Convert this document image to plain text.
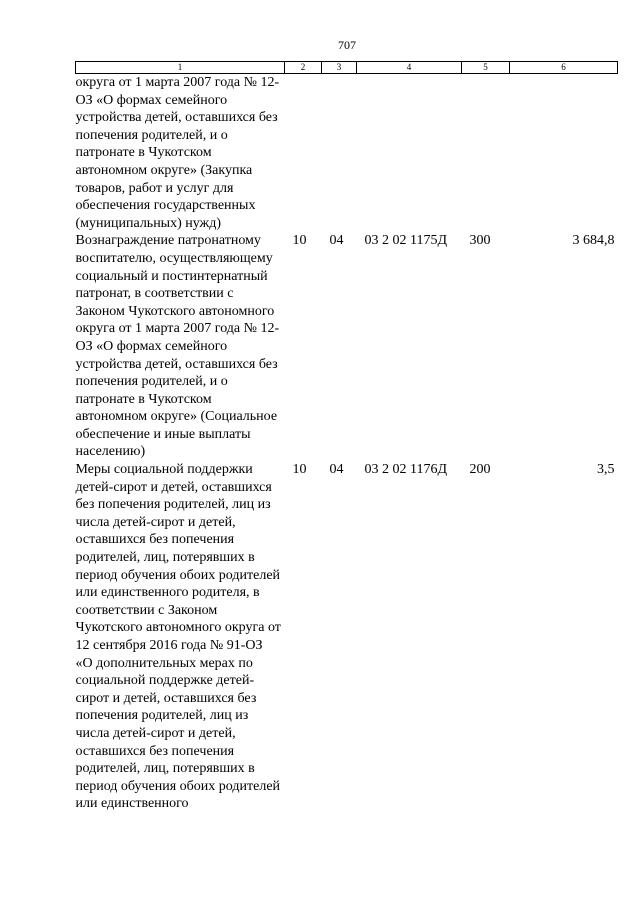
707
1	2	3	4	5	6
округа от 1 марта 2007 года № 12-ОЗ «О формах семейного устройства детей, оставшихся без попечения родителей, и о патронате в Чукотском автономном округе» (Закупка товаров, работ и услуг для обеспечения государственных (муниципальных) нужд)					
Вознаграждение патронатному воспитателю, осуществляющему социальный и постинтернатный патронат, в соответствии с Законом Чукотского автономного округа от 1 марта 2007 года № 12-ОЗ «О формах семейного устройства детей, оставшихся без попечения родителей, и о патронате в Чукотском автономном округе» (Социальное обеспечение и иные выплаты населению)	10	04	03 2 02 1175Д	300	3 684,8
Меры социальной поддержки детей-сирот и детей, оставшихся без попечения родителей, лиц из числа детей-сирот и детей, оставшихся без попечения родителей, лиц, потерявших в период обучения обоих родителей или единственного родителя, в соответствии с Законом Чукотского автономного округа от 12 сентября 2016 года № 91-ОЗ «О дополнительных мерах по социальной поддержке детей-сирот и детей, оставшихся без попечения родителей, лиц из числа детей-сирот и детей, оставшихся без попечения родителей, лиц, потерявших в период обучения обоих родителей или единственного	10	04	03 2 02 1176Д	200	3,5
